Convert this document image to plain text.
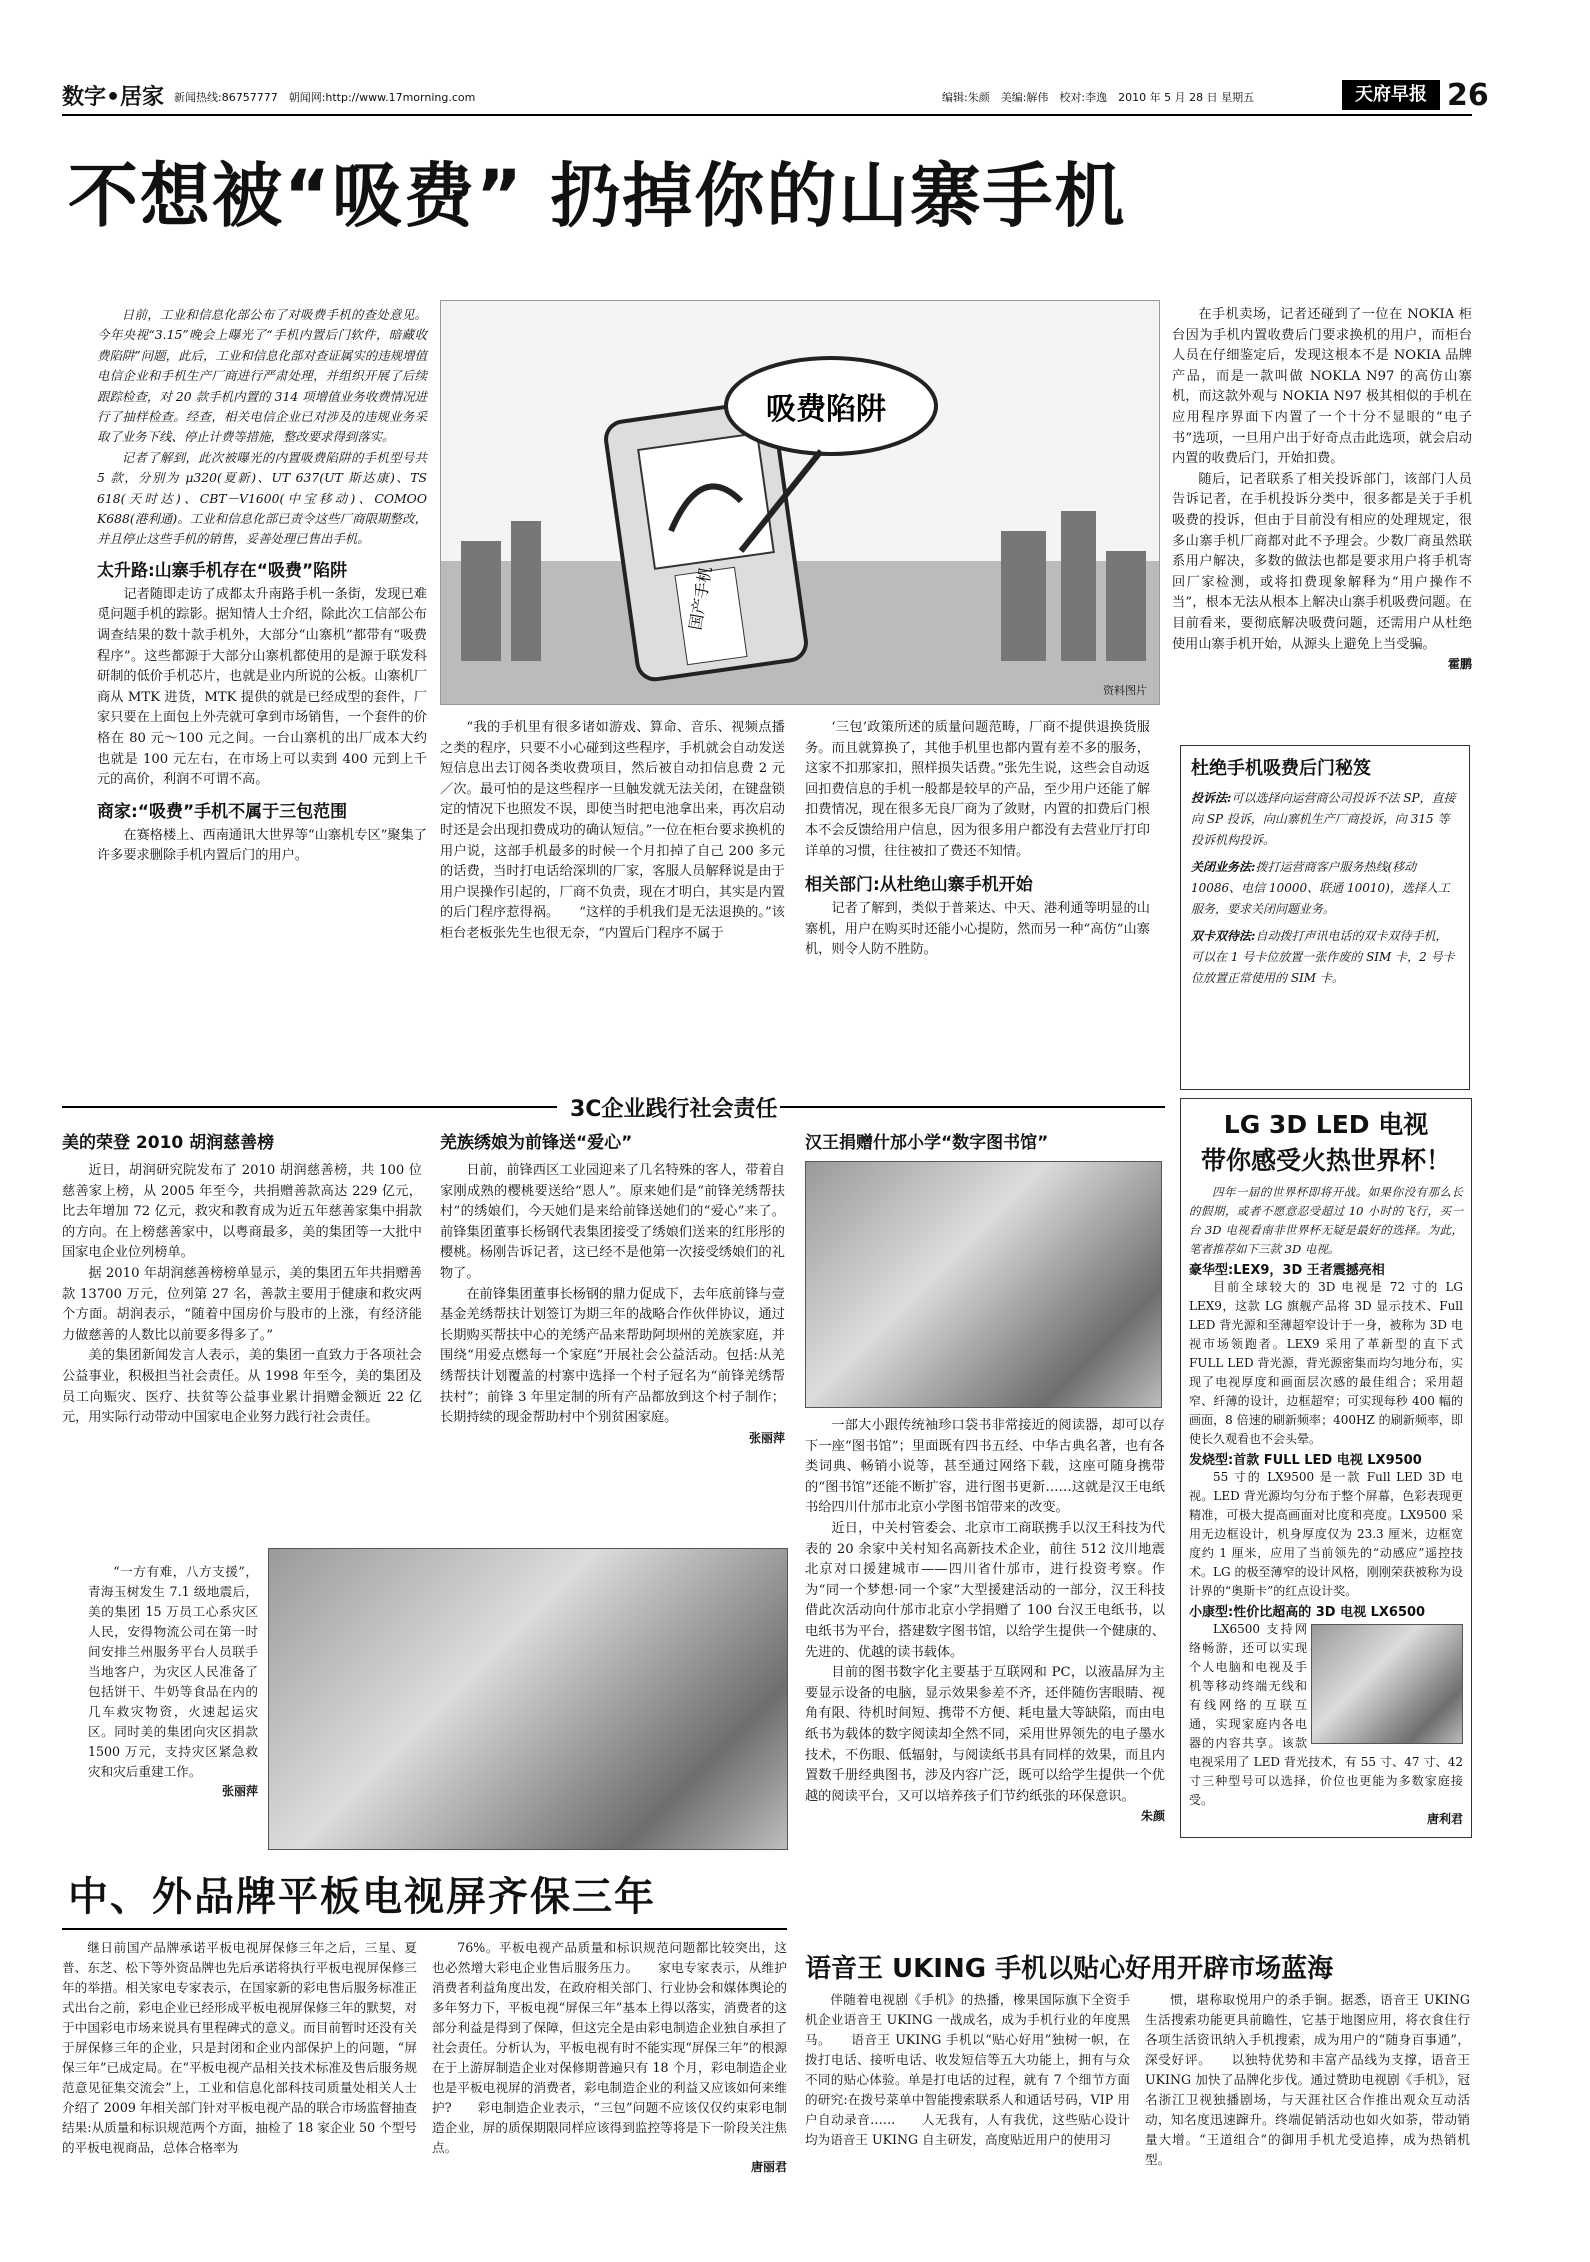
数字•居家 新闻热线:86757777　朝闻网:http://www.17morning.com	编辑:朱颜　美编:解伟　校对:李逸　2010 年 5 月 28 日 星期五	天府早报 26
不想被“吸费” 扔掉你的山寨手机

日前，工业和信息化部公布了对吸费手机的查处意见。今年央视“3.15”晚会上曝光了“手机内置后门软件，暗藏收费陷阱”问题，此后，工业和信息化部对查证属实的违规增值电信企业和手机生产厂商进行严肃处理，并组织开展了后续跟踪检查，对 20 款手机内置的 314 项增值业务收费情况进行了抽样检查。经查，相关电信企业已对涉及的违规业务采取了业务下线、停止计费等措施，整改要求得到落实。

记者了解到，此次被曝光的内置吸费陷阱的手机型号共 5 款，分别为 μ320(夏新)、UT 637(UT 斯达康)、TS 618(天时达)、CBT－V1600(中宝移动)、COMOO K688(港利通)。工业和信息化部已责令这些厂商限期整改，并且停止这些手机的销售，妥善处理已售出手机。

太升路:山寨手机存在“吸费”陷阱

记者随即走访了成都太升南路手机一条街，发现已难觅问题手机的踪影。据知情人士介绍，除此次工信部公布调查结果的数十款手机外，大部分“山寨机”都带有“吸费程序”。这些都源于大部分山寨机都使用的是源于联发科研制的低价手机芯片，也就是业内所说的公板。山寨机厂商从 MTK 进货，MTK 提供的就是已经成型的套件，厂家只要在上面包上外壳就可拿到市场销售，一个套件的价格在 80 元～100 元之间。一台山寨机的出厂成本大约也就是 100 元左右，在市场上可以卖到 400 元到上千元的高价，利润不可谓不高。

商家:“吸费”手机不属于三包范围

在赛格楼上、西南通讯大世界等“山寨机专区”聚集了许多要求删除手机内置后门的用户。

国产手机
吸费陷阱
资料图片

“我的手机里有很多诸如游戏、算命、音乐、视频点播之类的程序，只要不小心碰到这些程序，手机就会自动发送短信息出去订阅各类收费项目，然后被自动扣信息费 2 元／次。最可怕的是这些程序一旦触发就无法关闭，在键盘锁定的情况下也照发不误，即使当时把电池拿出来，再次启动时还是会出现扣费成功的确认短信。”一位在柜台要求换机的用户说，这部手机最多的时候一个月扣掉了自己 200 多元的话费，当时打电话给深圳的厂家，客服人员解释说是由于用户误操作引起的，厂商不负责，现在才明白，其实是内置的后门程序惹得祸。　　“这样的手机我们是无法退换的。”该柜台老板张先生也很无奈，“内置后门程序不属于

‘三包’政策所述的质量问题范畴，厂商不提供退换货服务。而且就算换了，其他手机里也都内置有差不多的服务，这家不扣那家扣，照样损失话费。”张先生说，这些会自动返回扣费信息的手机一般都是较早的产品，至少用户还能了解扣费情况，现在很多无良厂商为了敛财，内置的扣费后门根本不会反馈给用户信息，因为很多用户都没有去营业厅打印详单的习惯，往往被扣了费还不知情。

相关部门:从杜绝山寨手机开始

记者了解到，类似于普莱达、中天、港利通等明显的山寨机，用户在购买时还能小心提防，然而另一种“高仿”山寨机，则令人防不胜防。

在手机卖场，记者还碰到了一位在 NOKIA 柜台因为手机内置收费后门要求换机的用户，而柜台人员在仔细鉴定后，发现这根本不是 NOKIA 品牌产品，而是一款叫做 NOKLA N97 的高仿山寨机，而这款外观与 NOKIA N97 极其相似的手机在应用程序界面下内置了一个十分不显眼的“电子书”选项，一旦用户出于好奇点击此选项，就会启动内置的收费后门，开始扣费。

随后，记者联系了相关投诉部门，该部门人员告诉记者，在手机投诉分类中，很多都是关于手机吸费的投诉，但由于目前没有相应的处理规定，很多山寨手机厂商都对此不予理会。少数厂商虽然联系用户解决，多数的做法也都是要求用户将手机寄回厂家检测，或将扣费现象解释为“用户操作不当”，根本无法从根本上解决山寨手机吸费问题。在目前看来，要彻底解决吸费问题，还需用户从杜绝使用山寨手机开始，从源头上避免上当受骗。

霍鹏
杜绝手机吸费后门秘笈
投诉法:可以选择向运营商公司投诉不法 SP，直接向 SP 投诉，向山寨机生产厂商投诉，向 315 等投诉机构投诉。
关闭业务法:拨打运营商客户服务热线(移动 10086、电信 10000、联通 10010)，选择人工服务，要求关闭问题业务。
双卡双待法:自动拨打声讯电话的双卡双待手机，可以在 1 号卡位放置一张作废的 SIM 卡，2 号卡位放置正常使用的 SIM 卡。
3C企业践行社会责任
美的荣登 2010 胡润慈善榜

近日，胡润研究院发布了 2010 胡润慈善榜，共 100 位慈善家上榜，从 2005 年至今，共捐赠善款高达 229 亿元，比去年增加 72 亿元，救灾和教育成为近五年慈善家集中捐款的方向。在上榜慈善家中，以粤商最多，美的集团等一大批中国家电企业位列榜单。

据 2010 年胡润慈善榜榜单显示，美的集团五年共捐赠善款 13700 万元，位列第 27 名，善款主要用于健康和救灾两个方面。胡润表示，“随着中国房价与股市的上涨，有经济能力做慈善的人数比以前要多得多了。”

美的集团新闻发言人表示，美的集团一直致力于各项社会公益事业，积极担当社会责任。从 1998 年至今，美的集团及员工向赈灾、医疗、扶贫等公益事业累计捐赠金额近 22 亿元，用实际行动带动中国家电企业努力践行社会责任。

“一方有难，八方支援”，青海玉树发生 7.1 级地震后，美的集团 15 万员工心系灾区人民，安得物流公司在第一时间安排兰州服务平台人员联手当地客户，为灾区人民准备了包括饼干、牛奶等食品在内的几车救灾物资，火速起运灾区。同时美的集团向灾区捐款 1500 万元，支持灾区紧急救灾和灾后重建工作。

张丽萍
羌族绣娘为前锋送“爱心”

日前，前锋西区工业园迎来了几名特殊的客人，带着自家刚成熟的樱桃要送给“恩人”。原来她们是“前锋羌绣帮扶村”的绣娘们，今天她们是来给前锋送她们的“爱心”来了。前锋集团董事长杨钢代表集团接受了绣娘们送来的红彤彤的樱桃。杨刚告诉记者，这已经不是他第一次接受绣娘们的礼物了。

在前锋集团董事长杨钢的鼎力促成下，去年底前锋与壹基金羌绣帮扶计划签订为期三年的战略合作伙伴协议，通过长期购买帮扶中心的羌绣产品来帮助阿坝州的羌族家庭，并围绕“用爱点燃每一个家庭”开展社会公益活动。包括:从羌绣帮扶计划覆盖的村寨中选择一个村子冠名为“前锋羌绣帮扶村”；前锋 3 年里定制的所有产品都放到这个村子制作；长期持续的现金帮助村中个别贫困家庭。

张丽萍
汉王捐赠什邡小学“数字图书馆”

一部大小跟传统袖珍口袋书非常接近的阅读器，却可以存下一座“图书馆”；里面既有四书五经、中华古典名著，也有各类词典、畅销小说等，甚至通过网络下载，这座可随身携带的“图书馆”还能不断扩容，进行图书更新……这就是汉王电纸书给四川什邡市北京小学图书馆带来的改变。

近日，中关村管委会、北京市工商联携手以汉王科技为代表的 20 余家中关村知名高新技术企业，前往 512 汶川地震北京对口援建城市——四川省什邡市，进行投资考察。作为“同一个梦想·同一个家”大型援建活动的一部分，汉王科技借此次活动向什邡市北京小学捐赠了 100 台汉王电纸书，以电纸书为平台，搭建数字图书馆，以给学生提供一个健康的、先进的、优越的读书载体。

目前的图书数字化主要基于互联网和 PC，以液晶屏为主要显示设备的电脑，显示效果参差不齐，还伴随伤害眼睛、视角有限、待机时间短、携带不方便、耗电量大等缺陷，而由电纸书为载体的数字阅读却全然不同，采用世界领先的电子墨水技术，不伤眼、低辐射，与阅读纸书具有同样的效果，而且内置数千册经典图书，涉及内容广泛，既可以给学生提供一个优越的阅读平台，又可以培养孩子们节约纸张的环保意识。

朱颜
LG 3D LED 电视
带你感受火热世界杯！

四年一届的世界杯即将开战。如果你没有那么长的假期，或者不愿意忍受超过 10 小时的飞行，买一台 3D 电视看南非世界杯无疑是最好的选择。为此，笔者推荐如下三款 3D 电视。

豪华型:LEX9，3D 王者震撼亮相

目前全球较大的 3D 电视是 72 寸的 LG LEX9，这款 LG 旗舰产品将 3D 显示技术、Full LED 背光源和至薄超窄设计于一身，被称为 3D 电视市场领跑者。LEX9 采用了革新型的直下式 FULL LED 背光源，背光源密集而均匀地分布，实现了电视厚度和画面层次感的最佳组合；采用超窄、纤薄的设计，边框超窄；可实现每秒 400 幅的画面，8 倍速的刷新频率；400HZ 的刷新频率，即使长久观看也不会头晕。

发烧型:首款 FULL LED 电视 LX9500

55 寸的 LX9500 是一款 Full LED 3D 电视。LED 背光源均匀分布于整个屏幕，色彩表现更精准，可极大提高画面对比度和亮度。LX9500 采用无边框设计，机身厚度仅为 23.3 厘米，边框宽度约 1 厘米，应用了当前领先的“动感应”遥控技术。LG 的极至薄窄的设计风格，刚刚荣获被称为设计界的“奥斯卡”的红点设计奖。

小康型:性价比超高的 3D 电视 LX6500

LX6500 支持网络畅游，还可以实现个人电脑和电视及手机等移动终端无线和有线网络的互联互通，实现家庭内各电器的内容共享。该款电视采用了 LED 背光技术，有 55 寸、47 寸、42 寸三种型号可以选择，价位也更能为多数家庭接受。

唐利君
中、外品牌平板电视屏齐保三年

继日前国产品牌承诺平板电视屏保修三年之后，三星、夏普、东芝、松下等外资品牌也先后承诺将执行平板电视屏保修三年的举措。相关家电专家表示，在国家新的彩电售后服务标准正式出台之前，彩电企业已经形成平板电视屏保修三年的默契，对于中国彩电市场来说具有里程碑式的意义。而目前暂时还没有关于屏保修三年的企业，只是封闭和企业内部保护上的问题，“屏保三年”已成定局。在“平板电视产品相关技术标准及售后服务规范意见征集交流会”上，工业和信息化部科技司质量处相关人士介绍了 2009 年相关部门针对平板电视产品的联合市场监督抽查结果:从质量和标识规范两个方面，抽检了 18 家企业 50 个型号的平板电视商品，总体合格率为

76%。平板电视产品质量和标识规范问题都比较突出，这也必然增大彩电企业售后服务压力。　　家电专家表示，从维护消费者利益角度出发，在政府相关部门、行业协会和媒体舆论的多年努力下，平板电视“屏保三年”基本上得以落实，消费者的这部分利益是得到了保障，但这完全是由彩电制造企业独自承担了社会责任。分析认为，平板电视有时不能实现“屏保三年”的根源在于上游屏制造企业对保修期普遍只有 18 个月，彩电制造企业也是平板电视屏的消费者，彩电制造企业的利益又应该如何来维护?　　彩电制造企业表示，“三包”问题不应该仅仅约束彩电制造企业，屏的质保期限同样应该得到监控等将是下一阶段关注焦点。

唐丽君
语音王 UKING 手机以贴心好用开辟市场蓝海

伴随着电视剧《手机》的热播，橡果国际旗下全资手机企业语音王 UKING 一战成名，成为手机行业的年度黑马。　　语音王 UKING 手机以“贴心好用”独树一帜，在拨打电话、接听电话、收发短信等五大功能上，拥有与众不同的贴心体验。单是打电话的过程，就有 7 个细节方面的研究:在拨号菜单中智能搜索联系人和通话号码，VIP 用户自动录音……　　人无我有，人有我优，这些贴心设计均为语音王 UKING 自主研发，高度贴近用户的使用习

惯，堪称取悦用户的杀手锏。据悉，语音王 UKING 生活搜索功能更具前瞻性，它基于地图应用，将衣食住行各项生活资讯纳入手机搜索，成为用户的“随身百事通”，深受好评。　　以独特优势和丰富产品线为支撑，语音王 UKING 加快了品牌化步伐。通过赞助电视剧《手机》，冠名浙江卫视独播剧场，与天涯社区合作推出观众互动活动，知名度迅速蹿升。终端促销活动也如火如荼，带动销量大增。“王道组合”的御用手机尤受追捧，成为热销机型。
